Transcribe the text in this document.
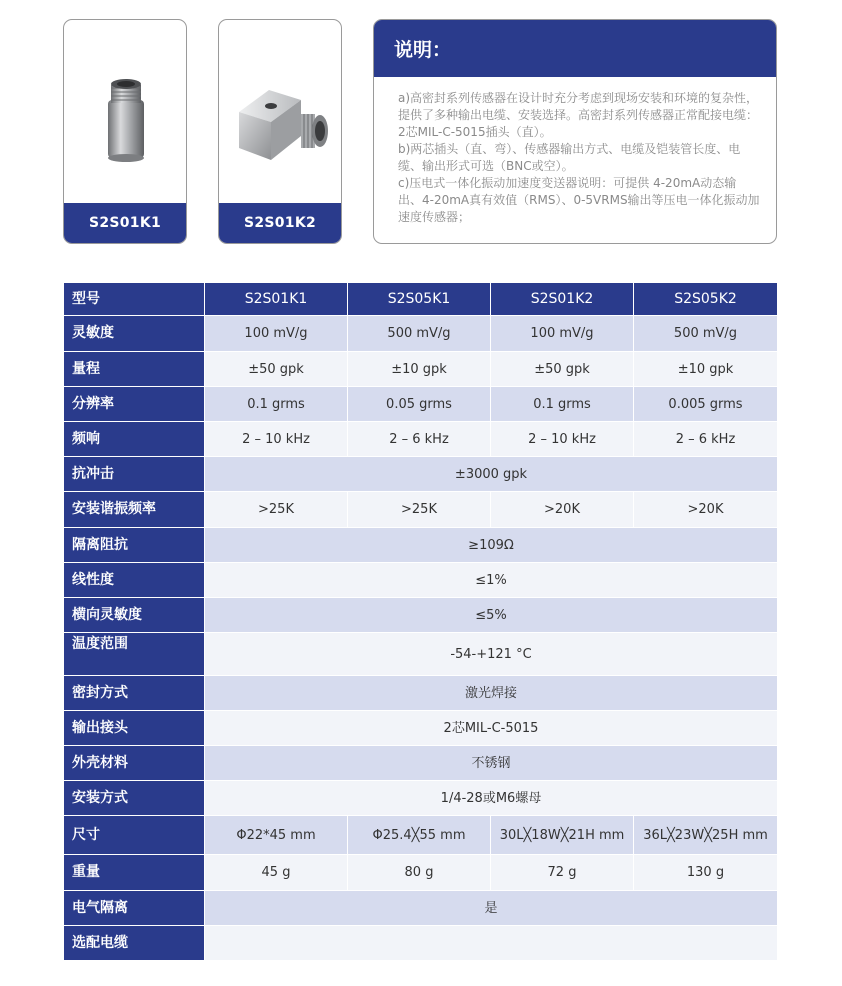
S2S01K1	S2S01K2
说明：

a)高密封系列传感器在设计时充分考虑到现场安装和环境的复杂性，提供了多种输出电缆、安装选择。高密封系列传感器正常配接电缆：2芯MIL-C-5015插头（直）。

b)两芯插头（直、弯）、传感器输出方式、电缆及铠装管长度、电缆、输出形式可选（BNC或空）。

c)压电式一体化振动加速度变送器说明：可提供 4-20mA动态输出、4-20mA真有效值（RMS）、0-5VRMS输出等压电一体化振动加速度传感器；

型号	S2S01K1	S2S05K1	S2S01K2	S2S05K2
灵敏度	100 mV/g	500 mV/g	100 mV/g	500 mV/g
量程	±50 gpk	±10 gpk	±50 gpk	±10 gpk
分辨率	0.1 grms	0.05 grms	0.1 grms	0.005 grms
频响	2 – 10 kHz	2 – 6 kHz	2 – 10 kHz	2 – 6 kHz
抗冲击	±3000 gpk			
安装谐振频率	>25K	>25K	>20K	>20K
隔离阻抗	≥109Ω			
线性度	≤1%			
横向灵敏度	≤5%			
温度范围	-54-+121 °C			
密封方式	激光焊接			
输出接头	2芯MIL-C-5015			
外壳材料	不锈钢			
安装方式	1/4-28或M6螺母			
尺寸	Φ22*45 mm	Φ25.4╳55 mm	30L╳18W╳21H mm	36L╳23W╳25H mm
重量	45 g	80 g	72 g	130 g
电气隔离	是			
选配电缆				
